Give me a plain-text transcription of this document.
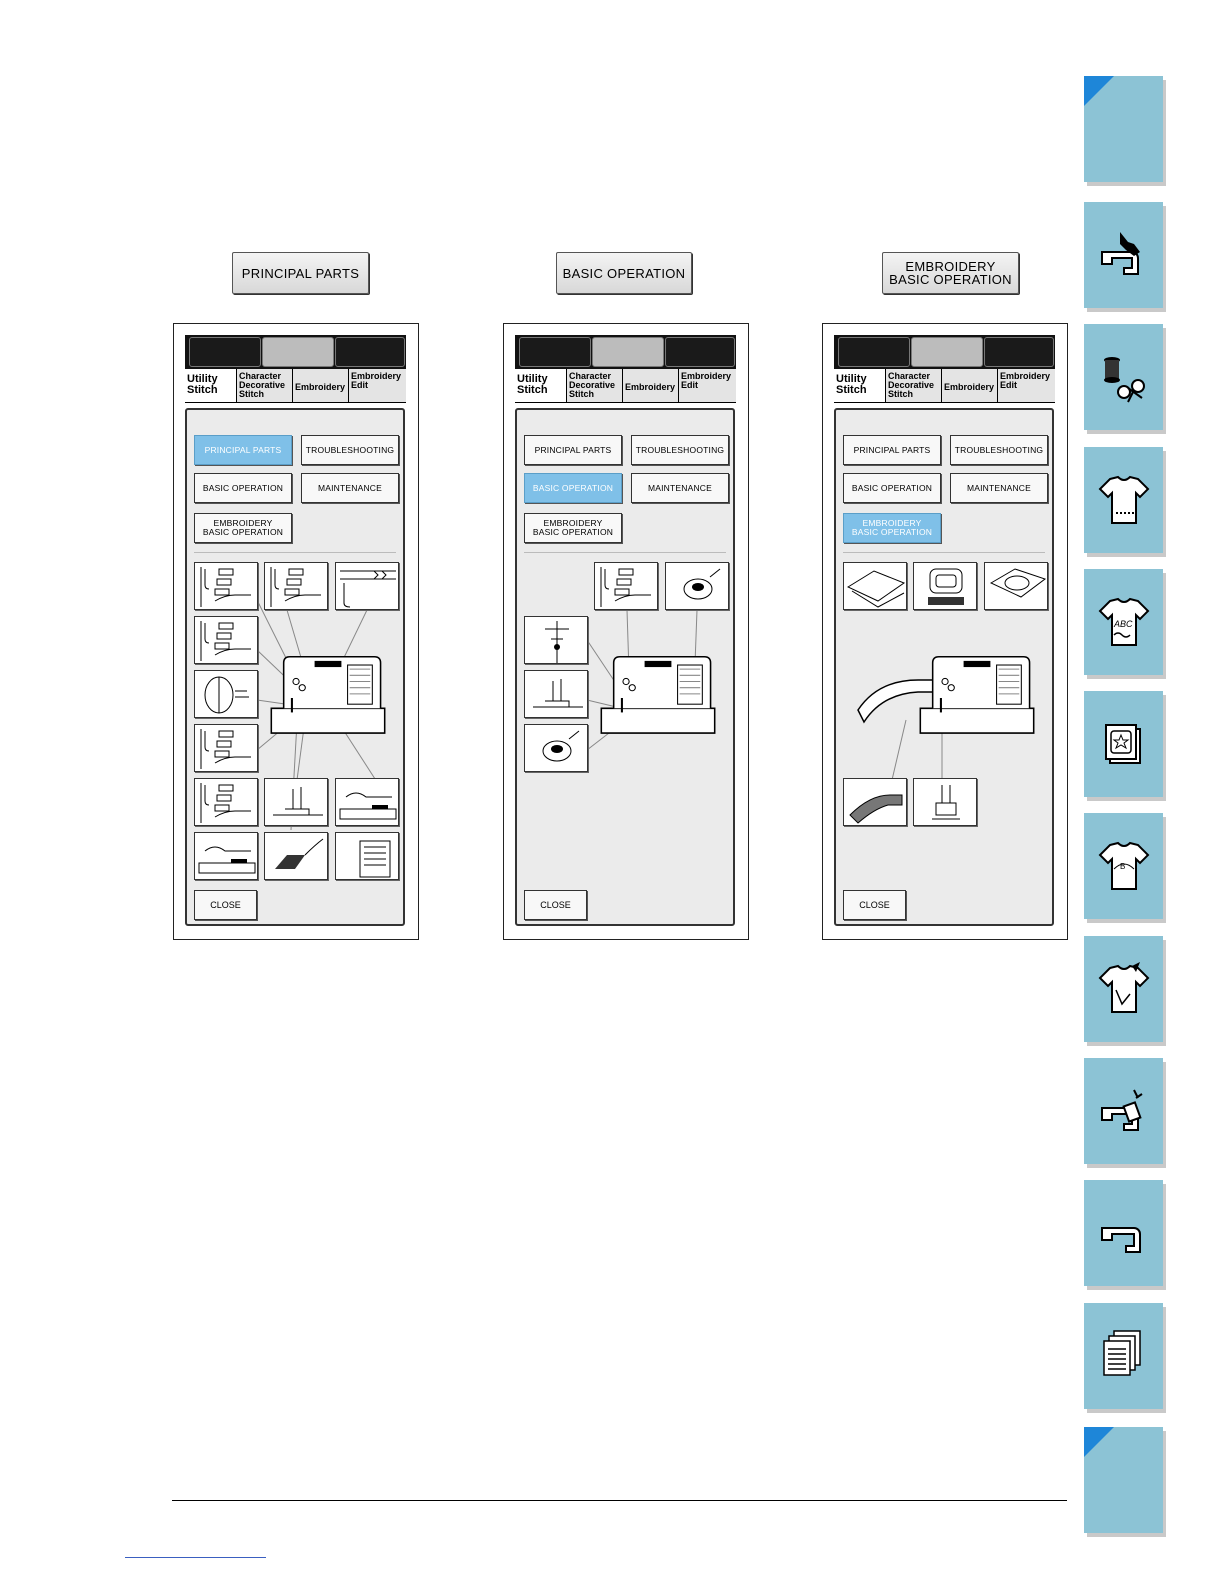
PRINCIPAL PARTS	BASIC OPERATION	EMBROIDERY
BASIC OPERATION
Utility
Stitch
Character
Decorative
Stitch
Embroidery
Embroidery
Edit
PRINCIPAL PARTS	TROUBLESHOOTING
BASIC OPERATION	MAINTENANCE
EMBROIDERY
BASIC OPERATION
CLOSE
Utility
Stitch
Character
Decorative
Stitch
Embroidery
Embroidery
Edit
PRINCIPAL PARTS	TROUBLESHOOTING
BASIC OPERATION	MAINTENANCE
EMBROIDERY
BASIC OPERATION
CLOSE
Utility
Stitch
Character
Decorative
Stitch
Embroidery
Embroidery
Edit
PRINCIPAL PARTS	TROUBLESHOOTING
BASIC OPERATION	MAINTENANCE
EMBROIDERY
BASIC OPERATION
CLOSE
ABC
B
